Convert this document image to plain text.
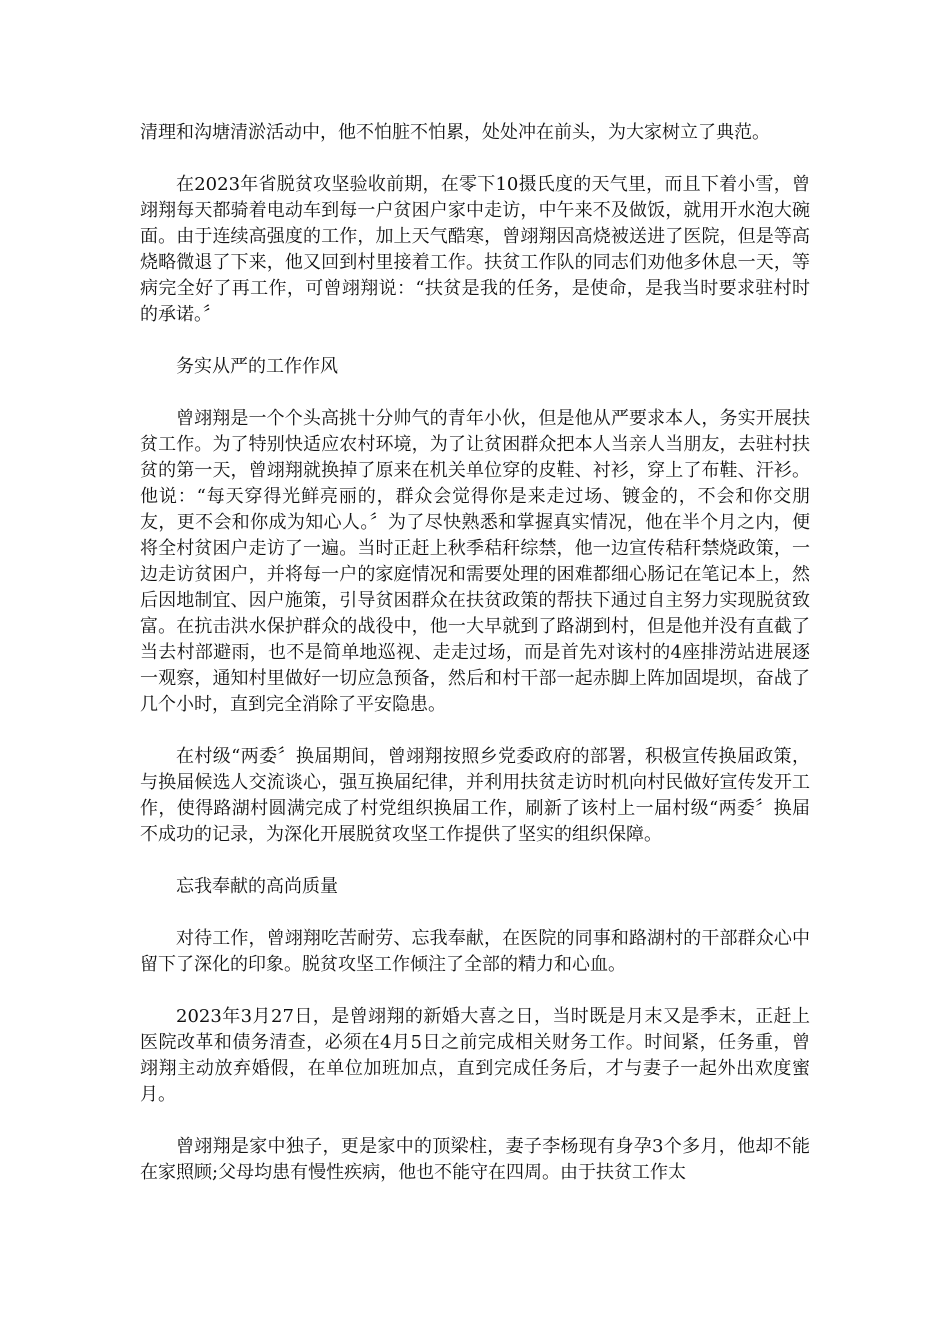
清理和沟塘清淤活动中，他不怕脏不怕累，处处冲在前头，为大家树立了典范。

在2023年省脱贫攻坚验收前期，在零下10摄氏度的天气里，而且下着小雪，曾翊翔每天都骑着电动车到每一户贫困户家中走访，中午来不及做饭，就用开水泡大碗面。由于连续高强度的工作，加上天气酷寒，曾翊翔因高烧被送进了医院，但是等高烧略微退了下来，他又回到村里接着工作。扶贫工作队的同志们劝他多休息一天，等病完全好了再工作，可曾翊翔说：“扶贫是我的任务，是使命，是我当时要求驻村时的承诺。〞

务实从严的工作作风

曾翊翔是一个个头高挑十分帅气的青年小伙，但是他从严要求本人，务实开展扶贫工作。为了特别快适应农村环境，为了让贫困群众把本人当亲人当朋友，去驻村扶贫的第一天，曾翊翔就换掉了原来在机关单位穿的皮鞋、衬衫，穿上了布鞋、汗衫。他说：“每天穿得光鲜亮丽的，群众会觉得你是来走过场、镀金的，不会和你交朋友，更不会和你成为知心人。〞为了尽快熟悉和掌握真实情况，他在半个月之内，便将全村贫困户走访了一遍。当时正赶上秋季秸秆综禁，他一边宣传秸秆禁烧政策，一边走访贫困户，并将每一户的家庭情况和需要处理的困难都细心肠记在笔记本上，然后因地制宜、因户施策，引导贫困群众在扶贫政策的帮扶下通过自主努力实现脱贫致富。在抗击洪水保护群众的战役中，他一大早就到了路湖到村，但是他并没有直截了当去村部避雨，也不是简单地巡视、走走过场，而是首先对该村的4座排涝站进展逐一观察，通知村里做好一切应急预备，然后和村干部一起赤脚上阵加固堤坝，奋战了几个小时，直到完全消除了平安隐患。

在村级“两委〞换届期间，曾翊翔按照乡党委政府的部署，积极宣传换届政策，与换届候选人交流谈心，强互换届纪律，并利用扶贫走访时机向村民做好宣传发开工作，使得路湖村圆满完成了村党组织换届工作，刷新了该村上一届村级“两委〞换届不成功的记录，为深化开展脱贫攻坚工作提供了坚实的组织保障。

忘我奉献的高尚质量

对待工作，曾翊翔吃苦耐劳、忘我奉献，在医院的同事和路湖村的干部群众心中留下了深化的印象。脱贫攻坚工作倾注了全部的精力和心血。

2023年3月27日，是曾翊翔的新婚大喜之日，当时既是月末又是季末，正赶上医院改革和债务清查，必须在4月5日之前完成相关财务工作。时间紧，任务重，曾翊翔主动放弃婚假，在单位加班加点，直到完成任务后，才与妻子一起外出欢度蜜月。

曾翊翔是家中独子，更是家中的顶梁柱，妻子李杨现有身孕3个多月，他却不能在家照顾;父母均患有慢性疾病，他也不能守在四周。由于扶贫工作太
